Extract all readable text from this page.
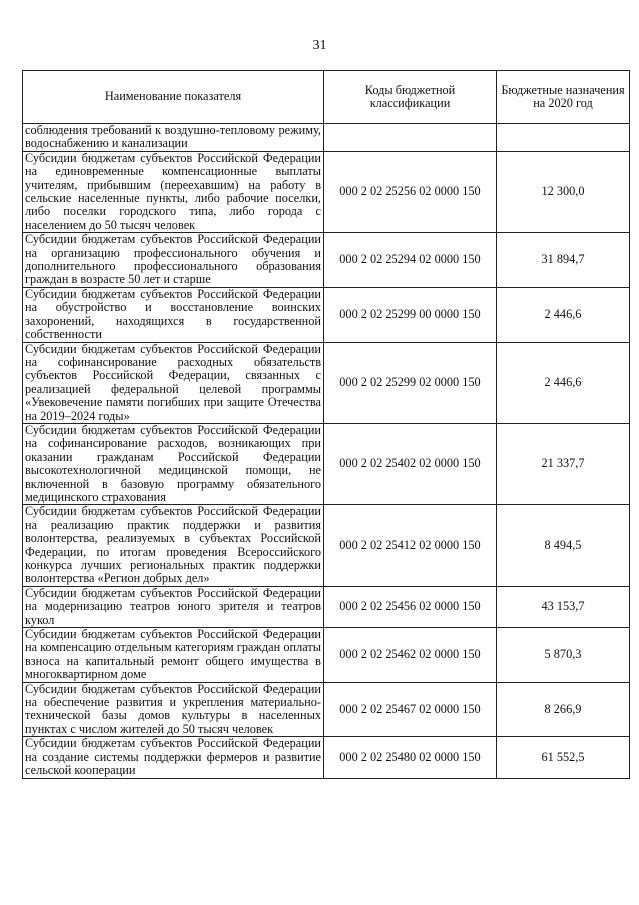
31
Наименование показателя	Коды бюджетной классификации	Бюджетные назначения на 2020 год
соблюдения требований к воздушно-тепловому режиму, водоснабжению и канализации		
Субсидии бюджетам субъектов Российской Федерации на единовременные компенсационные выплаты учителям, прибывшим (переехавшим) на работу в сельские населенные пункты, либо рабочие поселки, либо поселки городского типа, либо города с населением до 50 тысяч человек	000 2 02 25256 02 0000 150	12 300,0
Субсидии бюджетам субъектов Российской Федерации на организацию профессионального обучения и дополнительного профессионального образования граждан в возрасте 50 лет и старше	000 2 02 25294 02 0000 150	31 894,7
Субсидии бюджетам субъектов Российской Федерации на обустройство и восстановление воинских захоронений, находящихся в государственной собственности	000 2 02 25299 00 0000 150	2 446,6
Субсидии бюджетам субъектов Российской Федерации на софинансирование расходных обязательств субъектов Российской Федерации, связанных с реализацией федеральной целевой программы «Увековечение памяти погибших при защите Отечества на 2019–2024 годы»	000 2 02 25299 02 0000 150	2 446,6
Субсидии бюджетам субъектов Российской Федерации на софинансирование расходов, возникающих при оказании гражданам Российской Федерации высокотехнологичной медицинской помощи, не включенной в базовую программу обязательного медицинского страхования	000 2 02 25402 02 0000 150	21 337,7
Субсидии бюджетам субъектов Российской Федерации на реализацию практик поддержки и развития волонтерства, реализуемых в субъектах Российской Федерации, по итогам проведения Всероссийского конкурса лучших региональных практик поддержки волонтерства «Регион добрых дел»	000 2 02 25412 02 0000 150	8 494,5
Субсидии бюджетам субъектов Российской Федерации на модернизацию театров юного зрителя и театров кукол	000 2 02 25456 02 0000 150	43 153,7
Субсидии бюджетам субъектов Российской Федерации на компенсацию отдельным категориям граждан оплаты взноса на капитальный ремонт общего имущества в многоквартирном доме	000 2 02 25462 02 0000 150	5 870,3
Субсидии бюджетам субъектов Российской Федерации на обеспечение развития и укрепления материально-технической базы домов культуры в населенных пунктах с числом жителей до 50 тысяч человек	000 2 02 25467 02 0000 150	8 266,9
Субсидии бюджетам субъектов Российской Федерации на создание системы поддержки фермеров и развитие сельской кооперации	000 2 02 25480 02 0000 150	61 552,5
